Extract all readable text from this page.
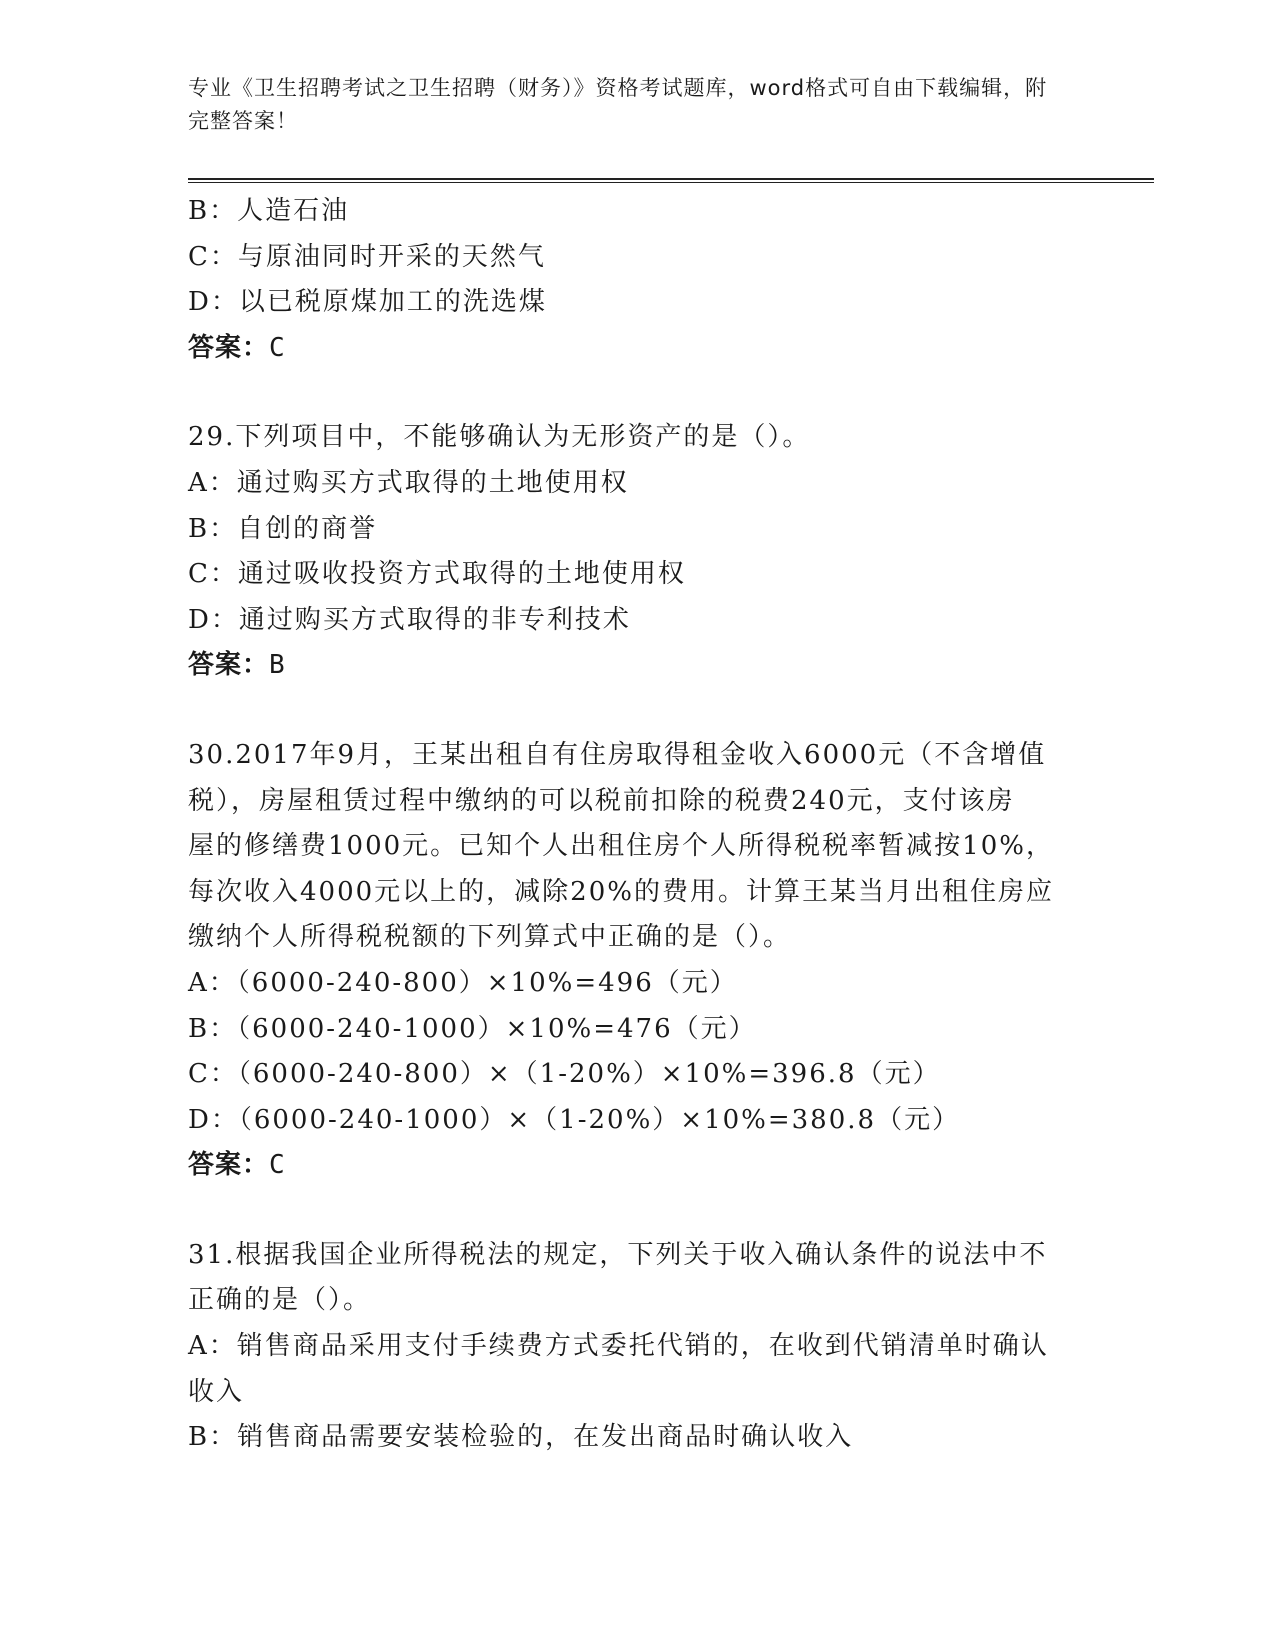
专业《卫生招聘考试之卫生招聘（财务）》资格考试题库，word格式可自由下载编辑，附完整答案！

B：人造石油

C：与原油同时开采的天然气

D：以已税原煤加工的洗选煤

答案：C

29.下列项目中，不能够确认为无形资产的是（）。

A：通过购买方式取得的土地使用权

B：自创的商誉

C：通过吸收投资方式取得的土地使用权

D：通过购买方式取得的非专利技术

答案：B

30.2017年9月，王某出租自有住房取得租金收入6000元（不含增值

税），房屋租赁过程中缴纳的可以税前扣除的税费240元，支付该房

屋的修缮费1000元。已知个人出租住房个人所得税税率暂减按10%，

每次收入4000元以上的，减除20%的费用。计算王某当月出租住房应

缴纳个人所得税税额的下列算式中正确的是（）。

A：（6000-240-800）×10%=496（元）

B：（6000-240-1000）×10%=476（元）

C：（6000-240-800）×（1-20%）×10%=396.8（元）

D：（6000-240-1000）×（1-20%）×10%=380.8（元）

答案：C

31.根据我国企业所得税法的规定，下列关于收入确认条件的说法中不

正确的是（）。

A：销售商品采用支付手续费方式委托代销的，在收到代销清单时确认

收入

B：销售商品需要安装检验的，在发出商品时确认收入
